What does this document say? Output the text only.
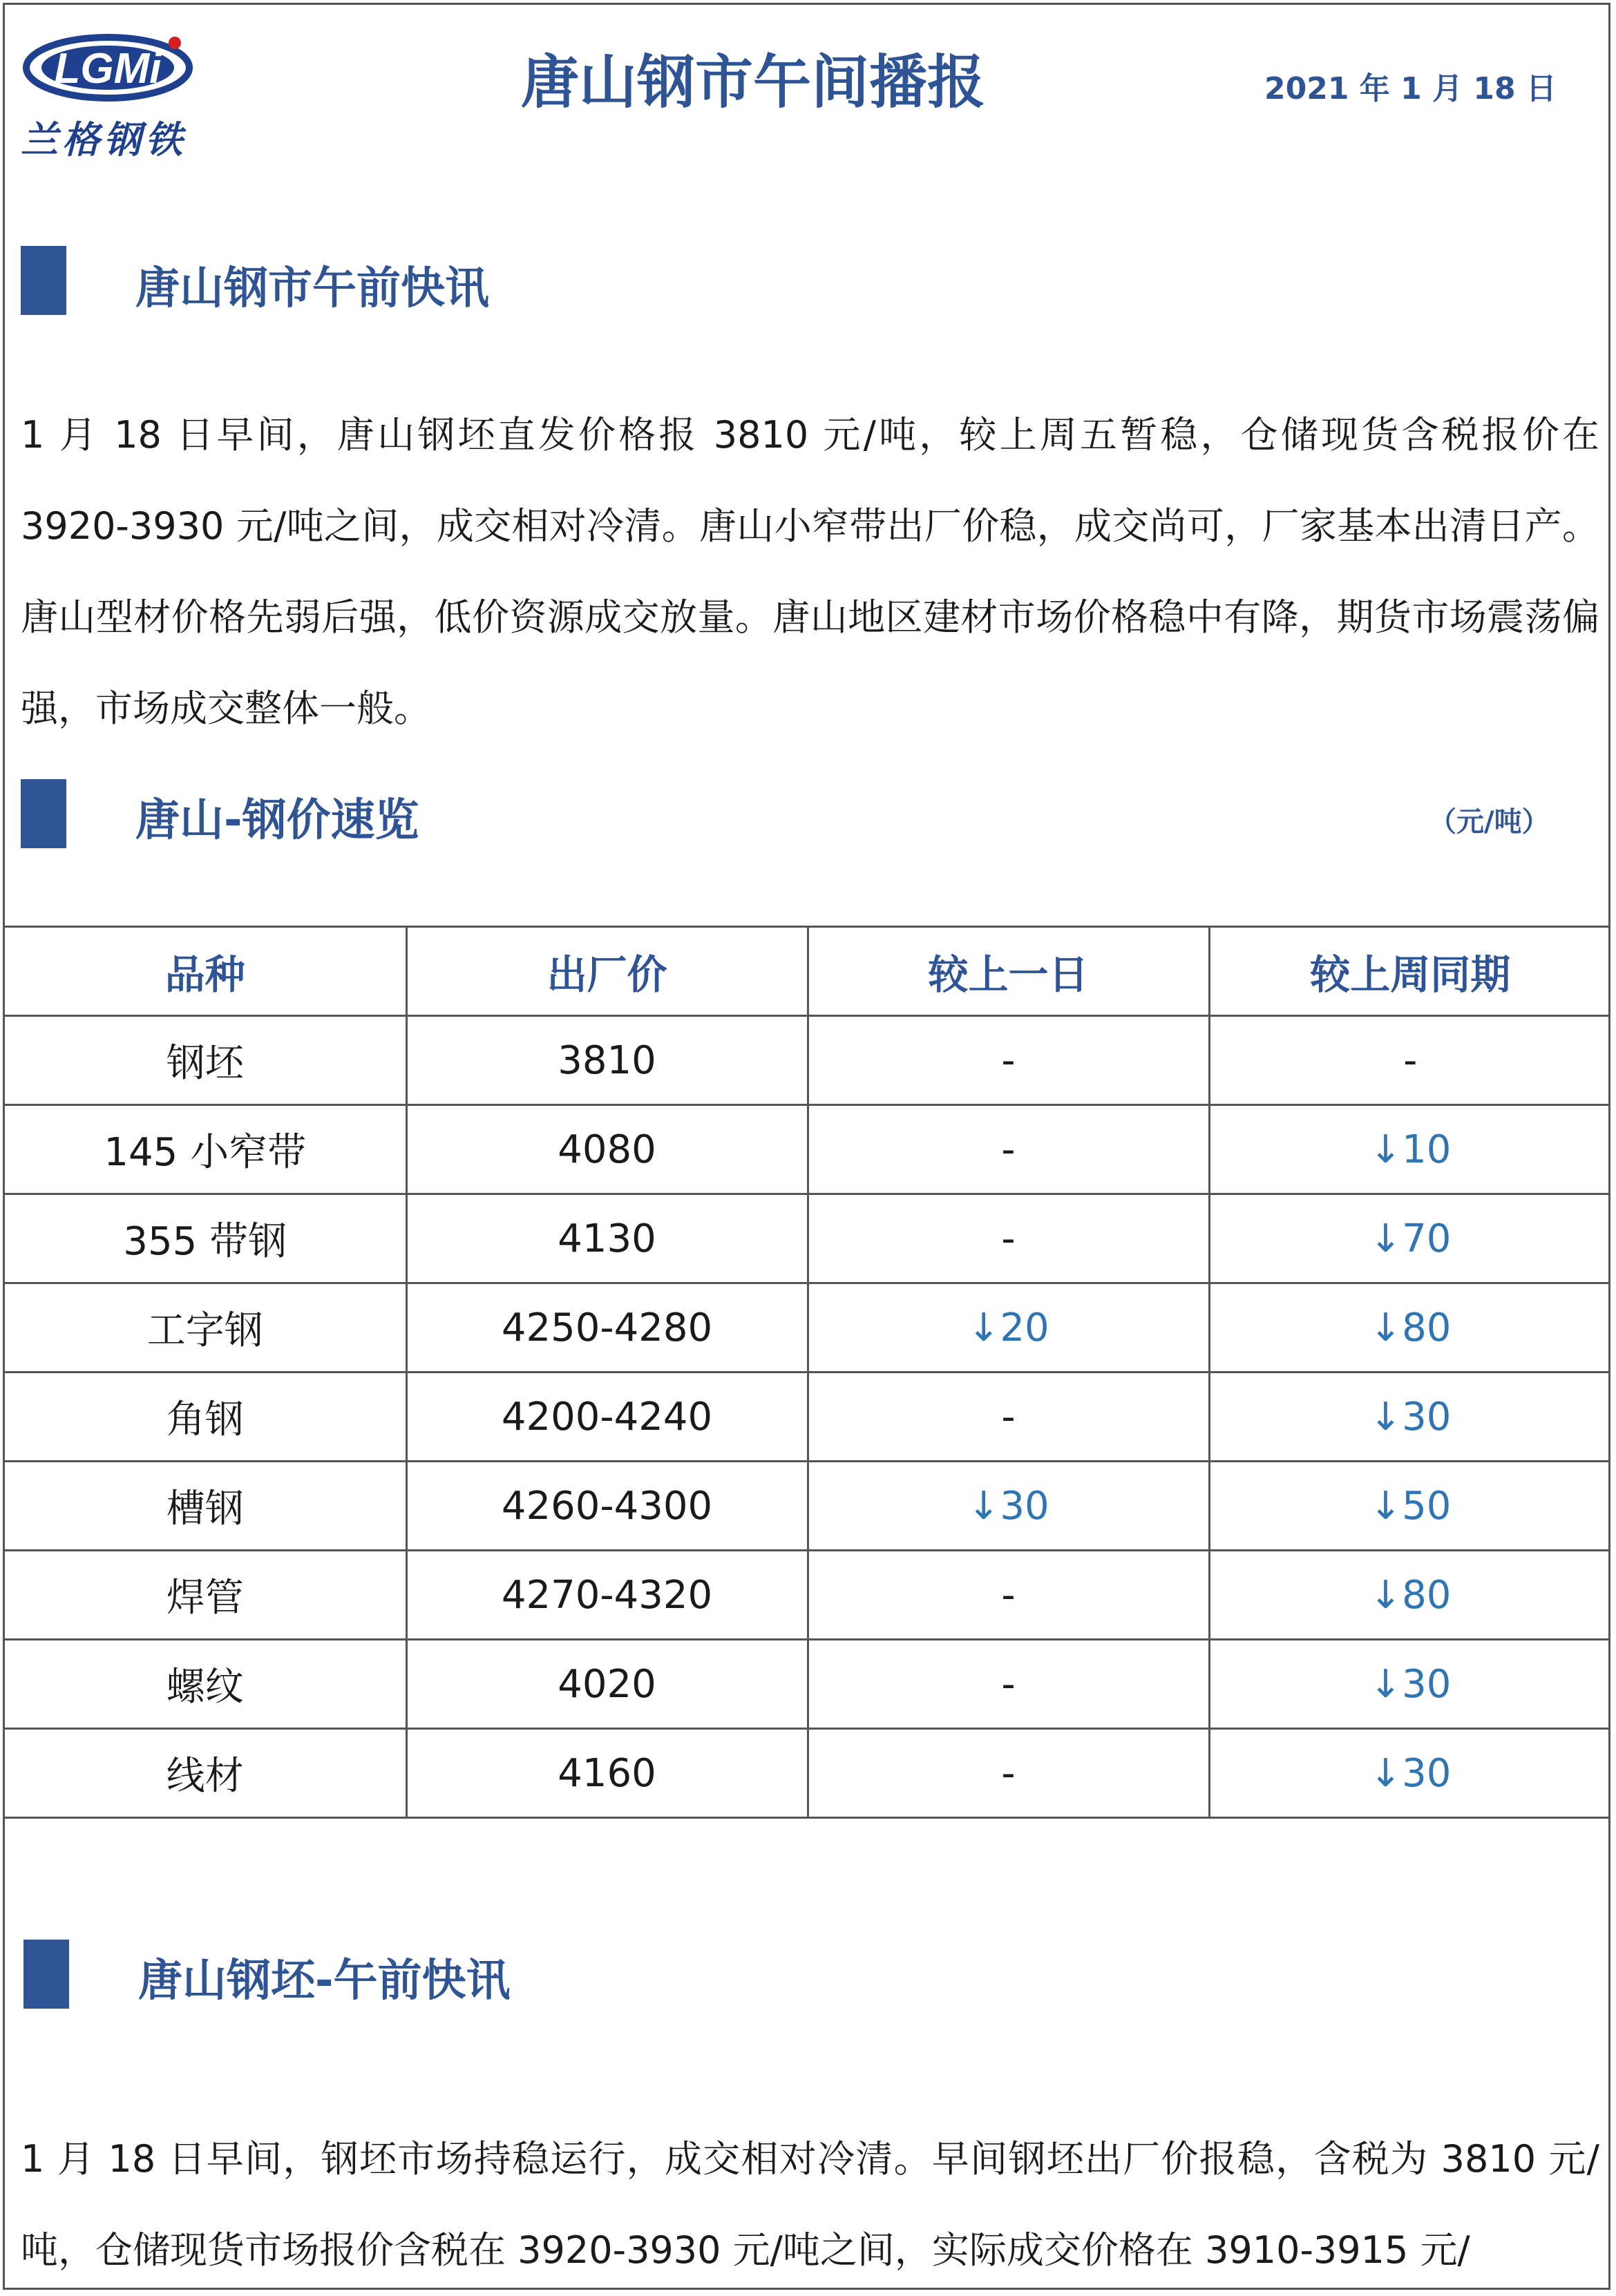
LGMi
兰格钢铁
唐山钢市午间播报	2021 年 1 月 18 日
唐山钢市午前快讯

1 月 18 日早间，唐山钢坯直发价格报 3810 元/吨，较上周五暂稳，仓储现货含税报价在 3920-3930 元/吨之间，成交相对冷清。唐山小窄带出厂价稳，成交尚可，厂家基本出清日产。唐山型材价格先弱后强，低价资源成交放量。唐山地区建材市场价格稳中有降，期货市场震荡偏强，市场成交整体一般。

唐山-钢价速览	（元/吨）
品种	出厂价	较上一日	较上周同期
钢坯	3810	-	-
145 小窄带	4080	-	↓10
355 带钢	4130	-	↓70
工字钢	4250-4280	↓20	↓80
角钢	4200-4240	-	↓30
槽钢	4260-4300	↓30	↓50
焊管	4270-4320	-	↓80
螺纹	4020	-	↓30
线材	4160	-	↓30
唐山钢坯-午前快讯

1 月 18 日早间，钢坯市场持稳运行，成交相对冷清。早间钢坯出厂价报稳，含税为 3810 元/吨，仓储现货市场报价含税在 3920-3930 元/吨之间，实际成交价格在 3910-3915 元/
